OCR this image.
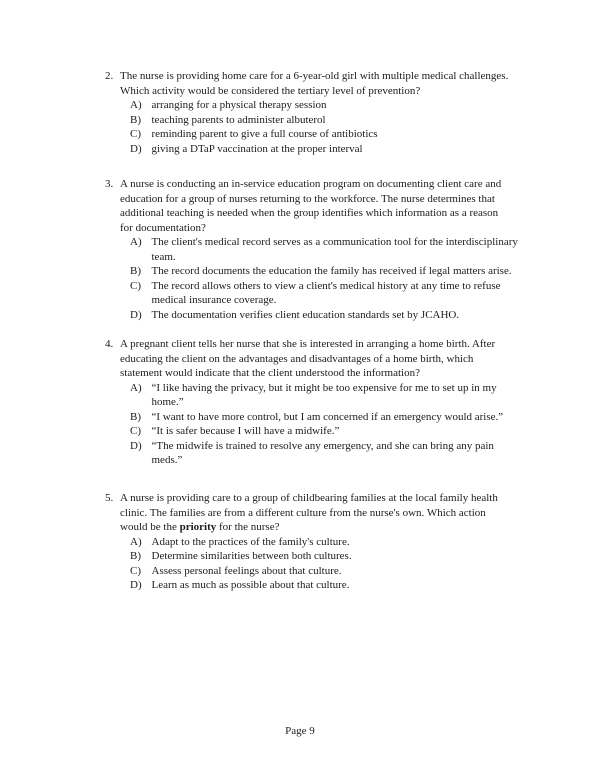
2. The nurse is providing home care for a 6-year-old girl with multiple medical challenges.
Which activity would be considered the tertiary level of prevention?
A) arranging for a physical therapy session
B) teaching parents to administer albuterol
C) reminding parent to give a full course of antibiotics
D) giving a DTaP vaccination at the proper interval
3. A nurse is conducting an in-service education program on documenting client care and
education for a group of nurses returning to the workforce. The nurse determines that
additional teaching is needed when the group identifies which information as a reason
for documentation?
A) The client's medical record serves as a communication tool for the interdisciplinary
team.
B) The record documents the education the family has received if legal matters arise.
C) The record allows others to view a client's medical history at any time to refuse
medical insurance coverage.
D) The documentation verifies client education standards set by JCAHO.
4. A pregnant client tells her nurse that she is interested in arranging a home birth. After
educating the client on the advantages and disadvantages of a home birth, which
statement would indicate that the client understood the information?
A) “I like having the privacy, but it might be too expensive for me to set up in my
home.”
B) “I want to have more control, but I am concerned if an emergency would arise.”
C) “It is safer because I will have a midwife.”
D) “The midwife is trained to resolve any emergency, and she can bring any pain
meds.”
5. A nurse is providing care to a group of childbearing families at the local family health
clinic. The families are from a different culture from the nurse's own. Which action
would be the priority for the nurse?
A) Adapt to the practices of the family's culture.
B) Determine similarities between both cultures.
C) Assess personal feelings about that culture.
D) Learn as much as possible about that culture.
Page 9
